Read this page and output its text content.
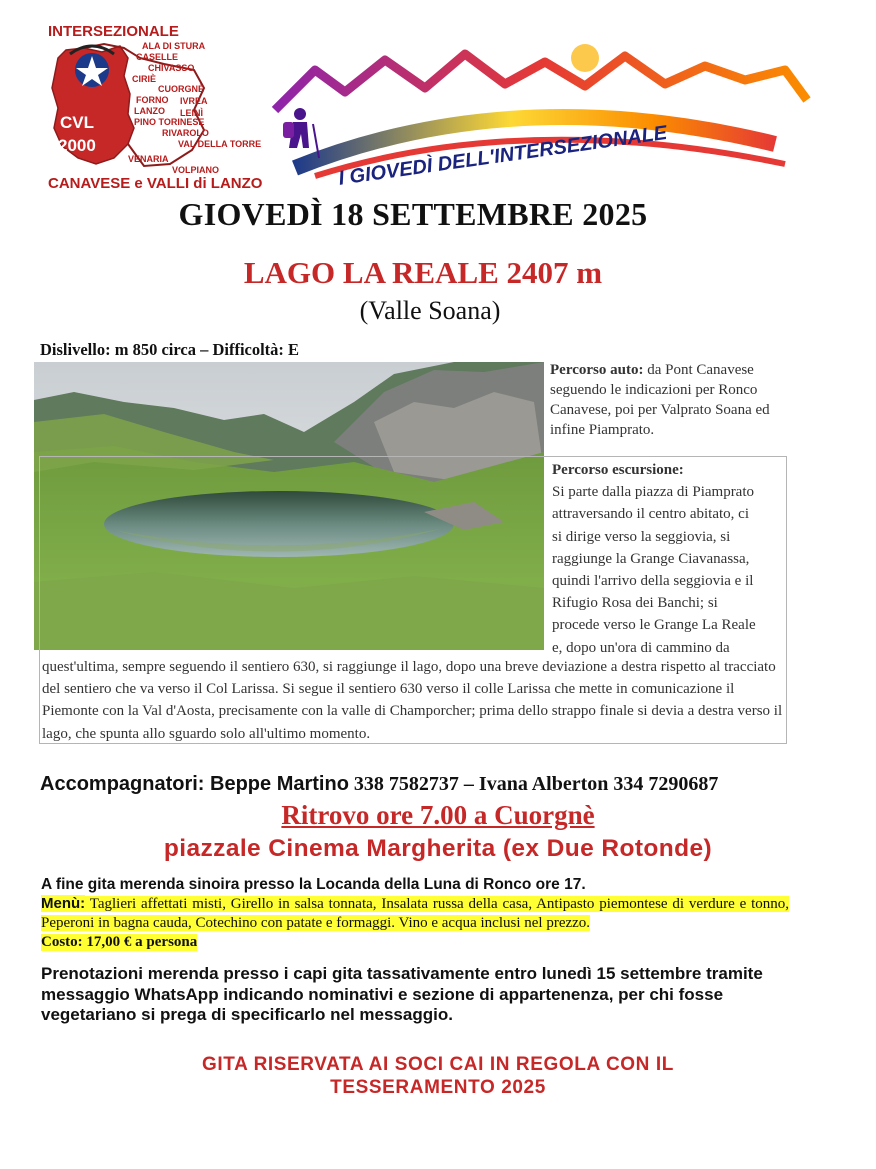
INTERSEZIONALE
CVL
2000
ALA DI STURA
CASELLE
CHIVASSO
CIRIÈ
CUORGNÈ
FORNO IVREA
LANZO LEINÌ
PINO TORINESE
RIVAROLO
VAL DELLA TORRE
VENARIA
VOLPIANO
CANAVESE e VALLI di LANZO	I GIOVEDÌ DELL'INTERSEZIONALE
GIOVEDÌ 18 SETTEMBRE 2025
LAGO LA REALE 2407 m
(Valle Soana)
Dislivello: m 850 circa – Difficoltà: E
Percorso auto: da Pont Canavese seguendo le indicazioni per Ronco Canavese, poi per Valprato Soana ed infine Piamprato.
Percorso escursione:
Si parte dalla piazza di Piamprato
attraversando il centro abitato, ci
si dirige verso la seggiovia, si
raggiunge la Grange Ciavanassa,
quindi l'arrivo della seggiovia e il
Rifugio Rosa dei Banchi; si
procede verso le Grange La Reale
e, dopo un'ora di cammino da
quest'ultima, sempre seguendo il sentiero 630, si raggiunge il lago, dopo una breve deviazione a destra rispetto al tracciato del sentiero che va verso il Col Larissa. Si segue il sentiero 630 verso il colle Larissa che mette in comunicazione il Piemonte con la Val d'Aosta, precisamente con la valle di Champorcher; prima dello strappo finale si devia a destra verso il lago, che spunta allo sguardo solo all'ultimo momento.
Accompagnatori: Beppe Martino 338 7582737 – Ivana Alberton 334 7290687
Ritrovo ore 7.00 a Cuorgnè
piazzale Cinema Margherita (ex Due Rotonde)
A fine gita merenda sinoira presso la Locanda della Luna di Ronco ore 17.
Menù: Taglieri affettati misti, Girello in salsa tonnata, Insalata russa della casa, Antipasto piemontese di verdure e tonno, Peperoni in bagna cauda, Cotechino con patate e formaggi. Vino e acqua inclusi nel prezzo.
Costo: 17,00 € a persona
Prenotazioni merenda presso i capi gita tassativamente entro lunedì 15 settembre tramite messaggio WhatsApp indicando nominativi e sezione di appartenenza, per chi fosse vegetariano si prega di specificarlo nel messaggio.
GITA RISERVATA AI SOCI CAI IN REGOLA CON IL
TESSERAMENTO 2025
